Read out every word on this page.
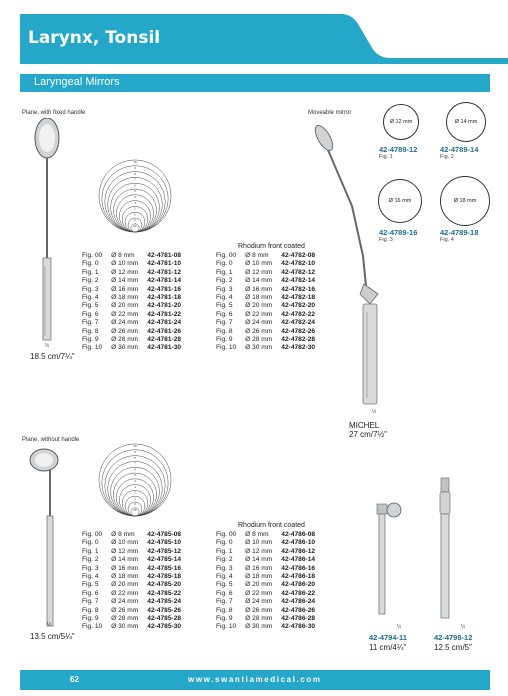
Larynx, Tonsil
Laryngeal Mirrors
Plane, with fixed handle
½
18.5 cm/7¼"
10
9
8
7
6
5
4
3
2
1
0
00
Rhodium front coated
Fig. 00	Ø 8 mm	42-4781-08
Fig. 0	Ø 10 mm	42-4781-10
Fig. 1	Ø 12 mm	42-4781-12
Fig. 2	Ø 14 mm	42-4781-14
Fig. 3	Ø 16 mm	42-4781-16
Fig. 4	Ø 18 mm	42-4781-18
Fig. 5	Ø 20 mm	42-4781-20
Fig. 6	Ø 22 mm	42-4781-22
Fig. 7	Ø 24 mm	42-4781-24
Fig. 8	Ø 26 mm	42-4781-26
Fig. 9	Ø 28 mm	42-4781-28
Fig. 10	Ø 30 mm	42-4781-30
Fig. 00	Ø 8 mm	42-4782-08
Fig. 0	Ø 10 mm	42-4782-10
Fig. 1	Ø 12 mm	42-4782-12
Fig. 2	Ø 14 mm	42-4782-14
Fig. 3	Ø 16 mm	42-4782-16
Fig. 4	Ø 18 mm	42-4782-18
Fig. 5	Ø 20 mm	42-4782-20
Fig. 6	Ø 22 mm	42-4782-22
Fig. 7	Ø 24 mm	42-4782-24
Fig. 8	Ø 26 mm	42-4782-26
Fig. 9	Ø 28 mm	42-4782-28
Fig. 10	Ø 30 mm	42-4782-30
Moveable mirror
½
MICHEL
27 cm/7½"
Ø 12 mm
42-4789-12
Fig. 1
Ø 14 mm
42-4789-14
Fig. 2
Ø 16 mm
42-4789-16
Fig. 3
Ø 18 mm
42-4789-18
Fig. 4
Plane, without handle
½
13.5 cm/5¼"
10
9
8
7
6
5
4
3
2
1
0
00
Rhodium front coated
Fig. 00	Ø 8 mm	42-4785-08
Fig. 0	Ø 10 mm	42-4785-10
Fig. 1	Ø 12 mm	42-4785-12
Fig. 2	Ø 14 mm	42-4785-14
Fig. 3	Ø 16 mm	42-4785-16
Fig. 4	Ø 18 mm	42-4785-18
Fig. 5	Ø 20 mm	42-4785-20
Fig. 6	Ø 22 mm	42-4785-22
Fig. 7	Ø 24 mm	42-4785-24
Fig. 8	Ø 26 mm	42-4785-26
Fig. 9	Ø 28 mm	42-4785-28
Fig. 10	Ø 30 mm	42-4785-30
Fig. 00	Ø 8 mm	42-4786-08
Fig. 0	Ø 10 mm	42-4786-10
Fig. 1	Ø 12 mm	42-4786-12
Fig. 2	Ø 14 mm	42-4786-14
Fig. 3	Ø 16 mm	42-4786-16
Fig. 4	Ø 18 mm	42-4786-18
Fig. 5	Ø 20 mm	42-4786-20
Fig. 6	Ø 22 mm	42-4786-22
Fig. 7	Ø 24 mm	42-4786-24
Fig. 8	Ø 26 mm	42-4786-26
Fig. 9	Ø 28 mm	42-4786-28
Fig. 10	Ø 30 mm	42-4786-30	½
42-4794-11
11 cm/4¼"
½
42-4798-12
12.5 cm/5"
62	www.swantiamedical.com
